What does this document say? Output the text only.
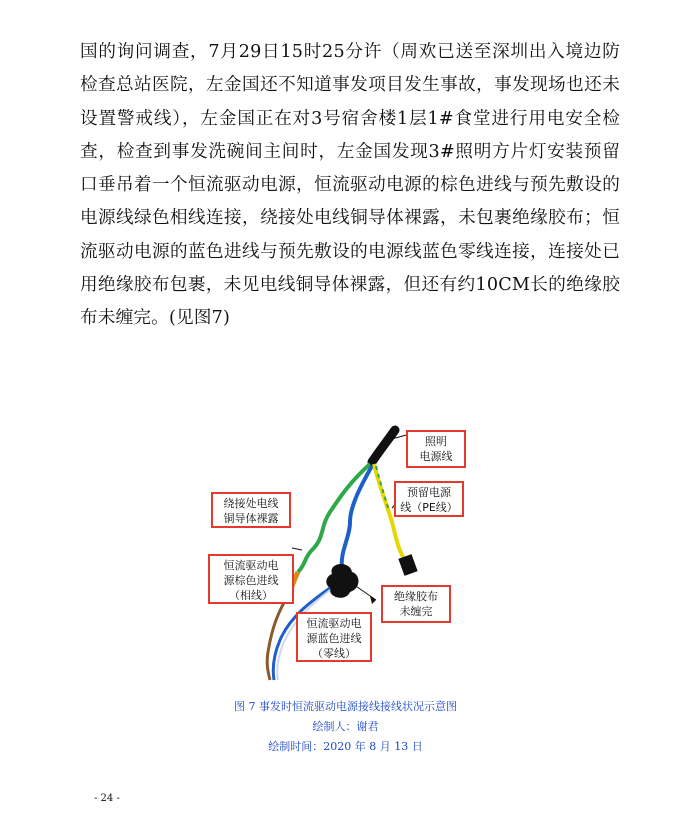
国的询问调查，7月29日15时25分许（周欢已送至深圳出入境边防检查总站医院，左金国还不知道事发项目发生事故，事发现场也还未设置警戒线），左金国正在对3号宿舍楼1层1#食堂进行用电安全检查，检查到事发洗碗间主间时，左金国发现3#照明方片灯安装预留口垂吊着一个恒流驱动电源，恒流驱动电源的棕色进线与预先敷设的电源线绿色相线连接，绕接处电线铜导体裸露，未包裹绝缘胶布；恒流驱动电源的蓝色进线与预先敷设的电源线蓝色零线连接，连接处已用绝缘胶布包裹，未见电线铜导体裸露，但还有约10CM长的绝缘胶布未缠完。(见图7)

照明
电源线
预留电源
线（PE线）
绕接处电线
铜导体裸露
恒流驱动电
源棕色进线
（相线）	绝缘胶布
未缠完
恒流驱动电
源蓝色进线
（零线）

图 7 事发时恒流驱动电源接线接线状况示意图

绘制人：谢君

绘制时间：2020 年 8 月 13 日

- 24 -
